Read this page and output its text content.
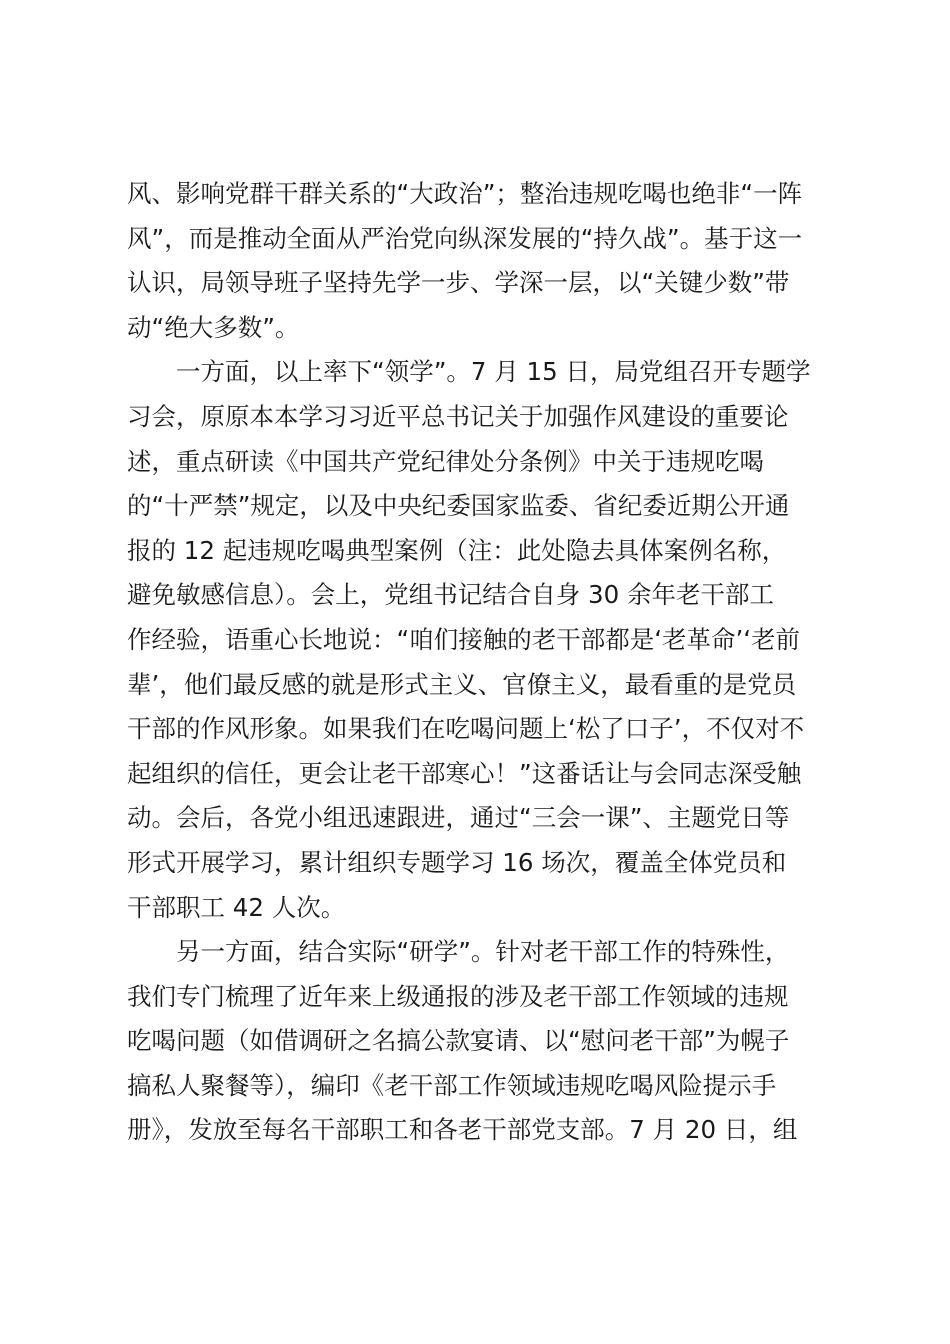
风、影响党群干群关系的“大政治”；整治违规吃喝也绝非“一阵
风”，而是推动全面从严治党向纵深发展的“持久战”。基于这一
认识，局领导班子坚持先学一步、学深一层，以“关键少数”带
动“绝大多数”。
一方面，以上率下“领学”。7 月 15 日，局党组召开专题学
习会，原原本本学习习近平总书记关于加强作风建设的重要论
述，重点研读《中国共产党纪律处分条例》中关于违规吃喝
的“十严禁”规定，以及中央纪委国家监委、省纪委近期公开通
报的 12 起违规吃喝典型案例（注：此处隐去具体案例名称，
避免敏感信息）。会上，党组书记结合自身 30 余年老干部工
作经验，语重心长地说：“咱们接触的老干部都是‘老革命’‘老前
辈’，他们最反感的就是形式主义、官僚主义，最看重的是党员
干部的作风形象。如果我们在吃喝问题上‘松了口子’，不仅对不
起组织的信任，更会让老干部寒心！”这番话让与会同志深受触
动。会后，各党小组迅速跟进，通过“三会一课”、主题党日等
形式开展学习，累计组织专题学习 16 场次，覆盖全体党员和
干部职工 42 人次。
另一方面，结合实际“研学”。针对老干部工作的特殊性，
我们专门梳理了近年来上级通报的涉及老干部工作领域的违规
吃喝问题（如借调研之名搞公款宴请、以“慰问老干部”为幌子
搞私人聚餐等），编印《老干部工作领域违规吃喝风险提示手
册》，发放至每名干部职工和各老干部党支部。7 月 20 日，组
